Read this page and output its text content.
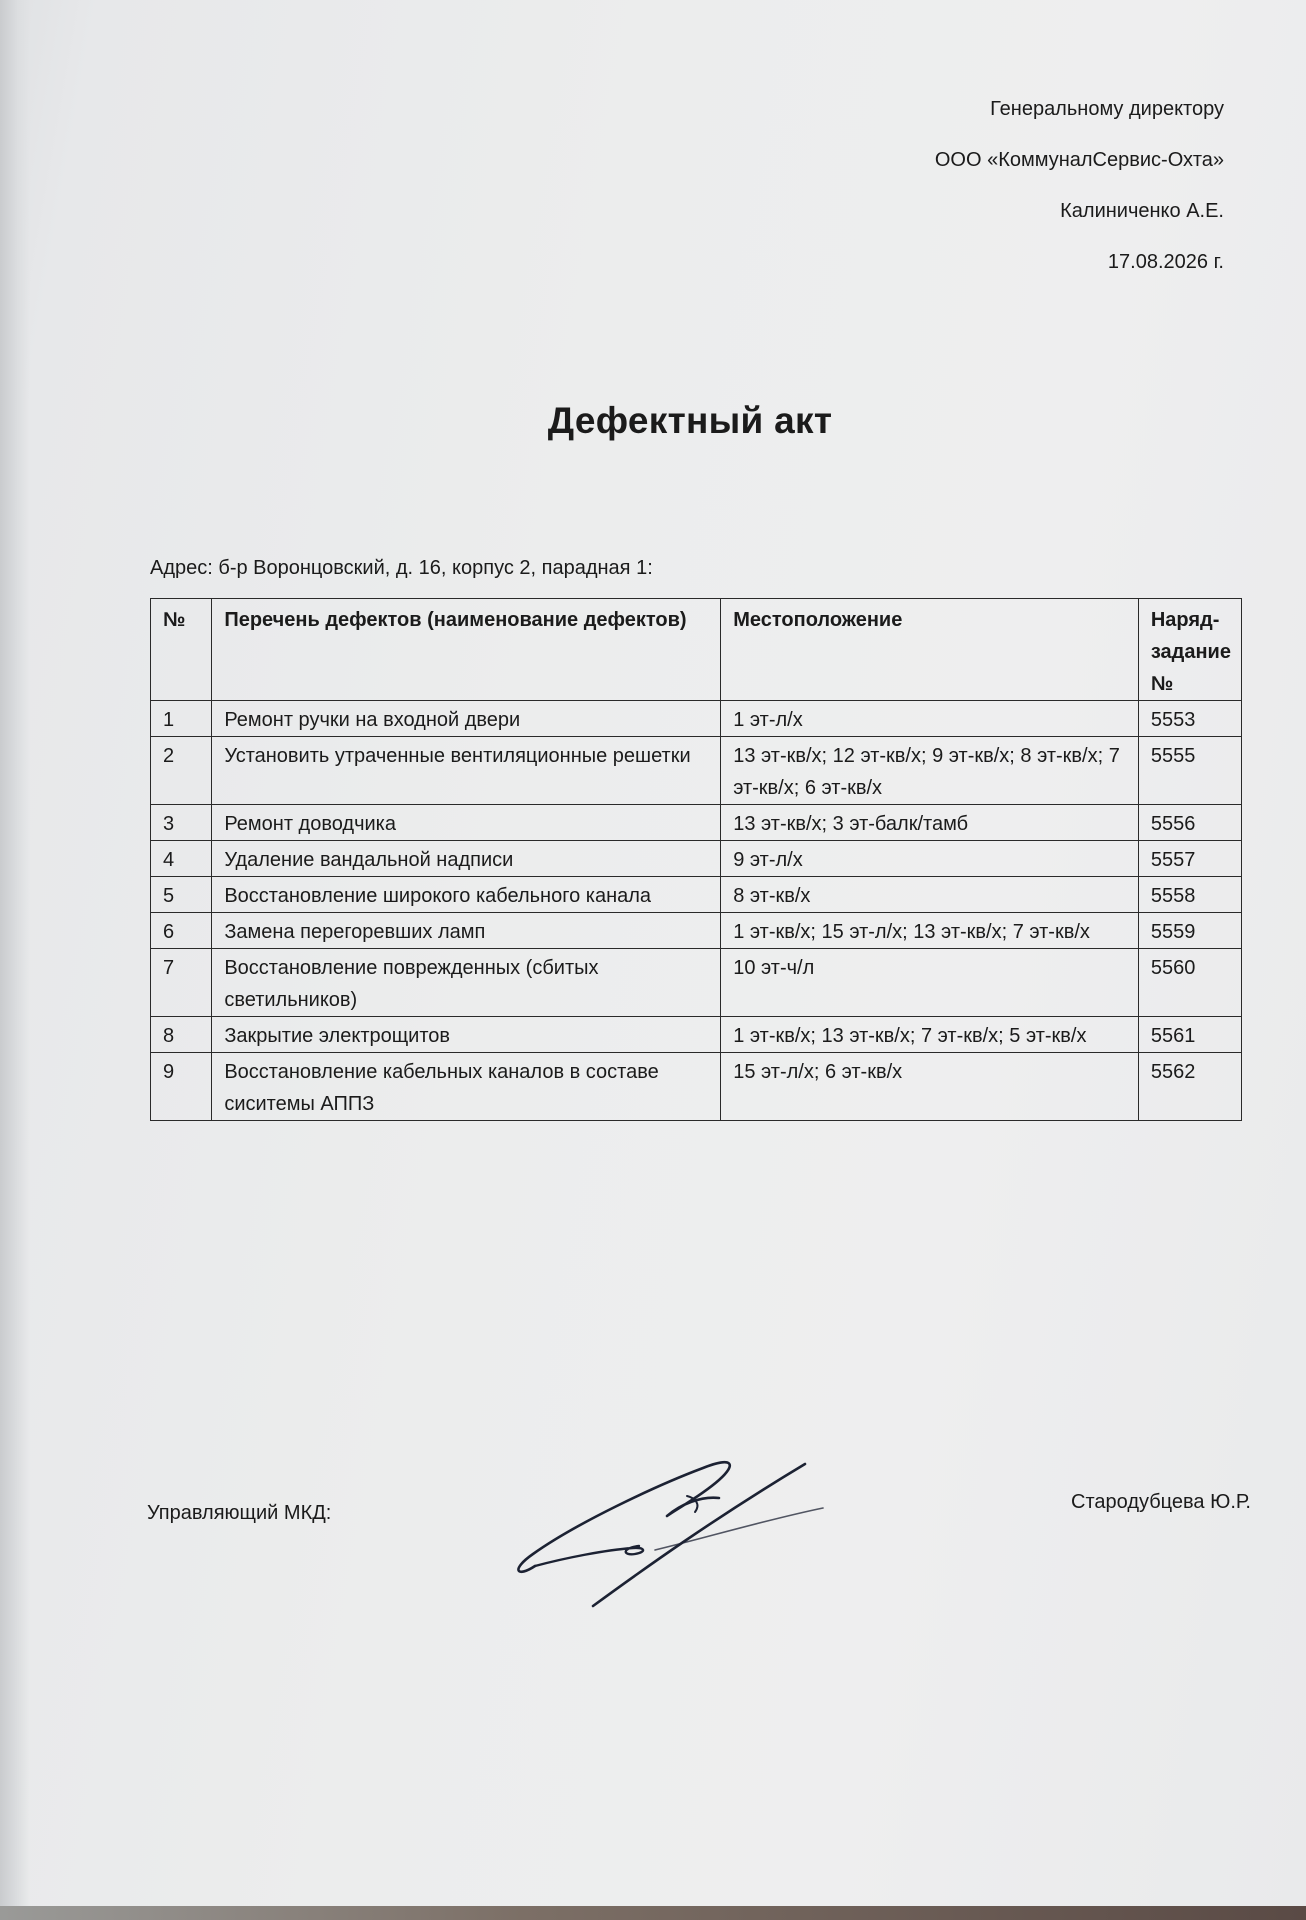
Генеральному директору
ООО «КоммуналСервис-Охта»
Калиниченко А.Е.
17.08.2026 г.
Дефектный акт
Адрес: б-р Воронцовский, д. 16, корпус 2, парадная 1:
№	Перечень дефектов (наименование дефектов)	Местоположение	Наряд-задание №
1	Ремонт ручки на входной двери	1 эт-л/х	5553
2	Установить утраченные вентиляционные решетки	13 эт-кв/х; 12 эт-кв/х; 9 эт-кв/х; 8 эт-кв/х; 7 эт-кв/х; 6 эт-кв/х	5555
3	Ремонт доводчика	13 эт-кв/х; 3 эт-балк/тамб	5556
4	Удаление вандальной надписи	9 эт-л/х	5557
5	Восстановление широкого кабельного канала	8 эт-кв/х	5558
6	Замена перегоревших ламп	1 эт-кв/х; 15 эт-л/х; 13 эт-кв/х; 7 эт-кв/х	5559
7	Восстановление поврежденных (сбитых светильников)	10 эт-ч/л	5560
8	Закрытие электрощитов	1 эт-кв/х; 13 эт-кв/х; 7 эт-кв/х; 5 эт-кв/х	5561
9	Восстановление кабельных каналов в составе сиситемы АППЗ	15 эт-л/х; 6 эт-кв/х	5562
Управляющий МКД:	Стародубцева Ю.Р.
